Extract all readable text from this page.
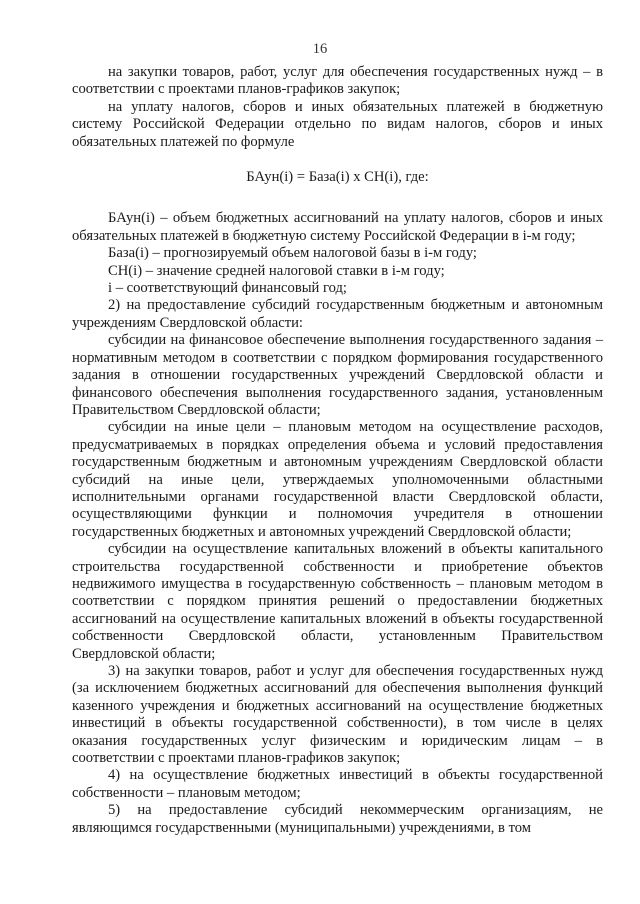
16

на закупки товаров, работ, услуг для обеспечения государственных нужд – в соответствии с проектами планов-графиков закупок;

на уплату налогов, сборов и иных обязательных платежей в бюджетную систему Российской Федерации отдельно по видам налогов, сборов и иных обязательных платежей по формуле

БАун(i) = База(i) x СН(i), где:

БАун(i) – объем бюджетных ассигнований на уплату налогов, сборов и иных обязательных платежей в бюджетную систему Российской Федерации в i-м году;

База(i) – прогнозируемый объем налоговой базы в i-м году;

СН(i) – значение средней налоговой ставки в i-м году;

i – соответствующий финансовый год;

2) на предоставление субсидий государственным бюджетным и автономным учреждениям Свердловской области:

субсидии на финансовое обеспечение выполнения государственного задания – нормативным методом в соответствии с порядком формирования государственного задания в отношении государственных учреждений Свердловской области и финансового обеспечения выполнения государственного задания, установленным Правительством Свердловской области;

субсидии на иные цели – плановым методом на осуществление расходов, предусматриваемых в порядках определения объема и условий предоставления государственным бюджетным и автономным учреждениям Свердловской области субсидий на иные цели, утверждаемых уполномоченными областными исполнительными органами государственной власти Свердловской области, осуществляющими функции и полномочия учредителя в отношении государственных бюджетных и автономных учреждений Свердловской области;

субсидии на осуществление капитальных вложений в объекты капитального строительства государственной собственности и приобретение объектов недвижимого имущества в государственную собственность – плановым методом в соответствии с порядком принятия решений о предоставлении бюджетных ассигнований на осуществление капитальных вложений в объекты государственной собственности Свердловской области, установленным Правительством Свердловской области;

3) на закупки товаров, работ и услуг для обеспечения государственных нужд (за исключением бюджетных ассигнований для обеспечения выполнения функций казенного учреждения и бюджетных ассигнований на осуществление бюджетных инвестиций в объекты государственной собственности), в том числе в целях оказания государственных услуг физическим и юридическим лицам – в соответствии с проектами планов-графиков закупок;

4) на осуществление бюджетных инвестиций в объекты государственной собственности – плановым методом;

5) на предоставление субсидий некоммерческим организациям, не являющимся государственными (муниципальными) учреждениями, в том
